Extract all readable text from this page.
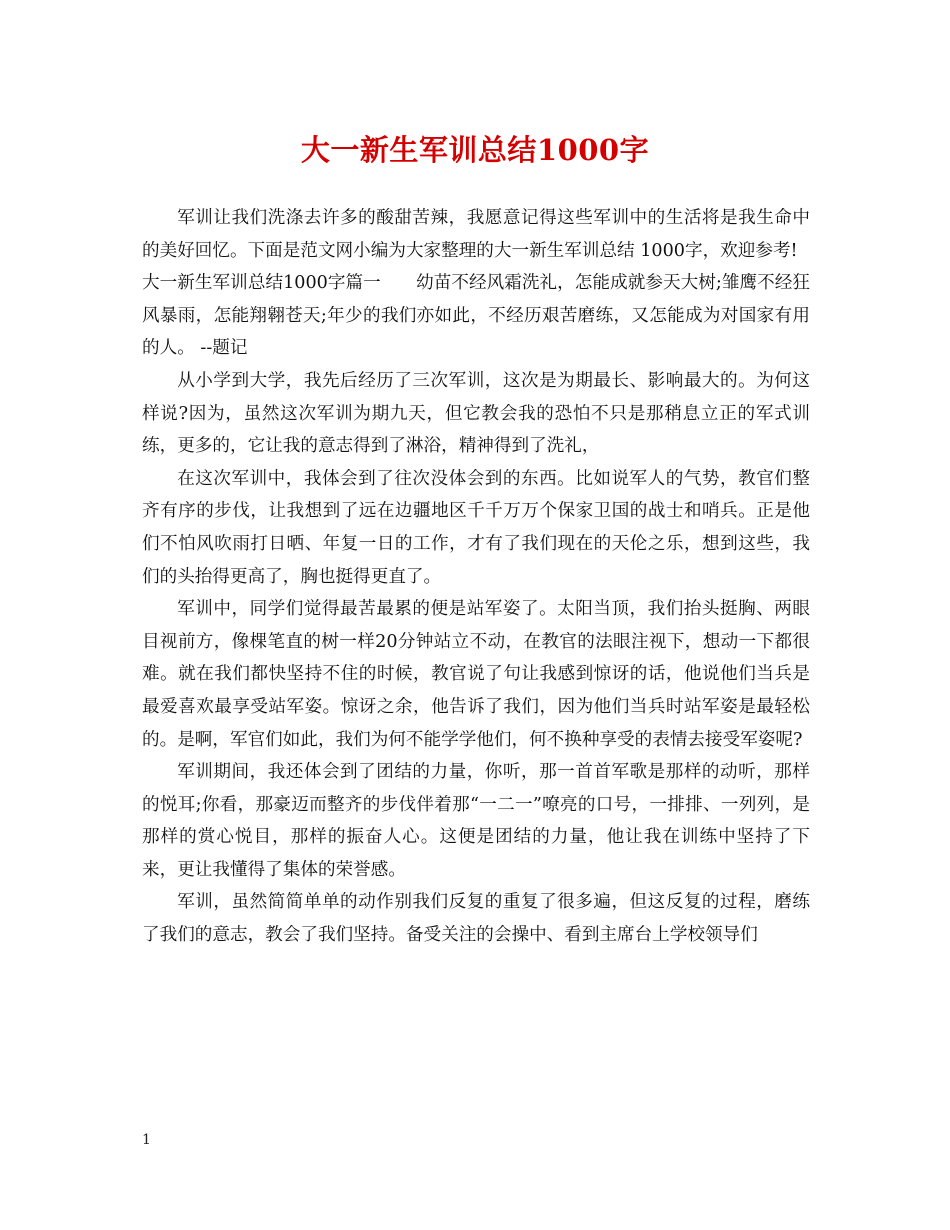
大一新生军训总结1000字

军训让我们洗涤去许多的酸甜苦辣，我愿意记得这些军训中的生活将是我生命中的美好回忆。下面是范文网小编为大家整理的大一新生军训总结 1000字，欢迎参考!

大一新生军训总结1000字篇一　　幼苗不经风霜洗礼，怎能成就参天大树;雏鹰不经狂风暴雨，怎能翔翱苍天;年少的我们亦如此，不经历艰苦磨练，又怎能成为对国家有用的人。 --题记

从小学到大学，我先后经历了三次军训，这次是为期最长、影响最大的。为何这样说?因为，虽然这次军训为期九天，但它教会我的恐怕不只是那稍息立正的军式训练，更多的，它让我的意志得到了淋浴，精神得到了洗礼，

在这次军训中，我体会到了往次没体会到的东西。比如说军人的气势，教官们整齐有序的步伐，让我想到了远在边疆地区千千万万个保家卫国的战士和哨兵。正是他们不怕风吹雨打日晒、年复一日的工作，才有了我们现在的天伦之乐，想到这些，我们的头抬得更高了，胸也挺得更直了。

军训中，同学们觉得最苦最累的便是站军姿了。太阳当顶，我们抬头挺胸、两眼目视前方，像棵笔直的树一样20分钟站立不动，在教官的法眼注视下，想动一下都很难。就在我们都快坚持不住的时候，教官说了句让我感到惊讶的话，他说他们当兵是最爱喜欢最享受站军姿。惊讶之余，他告诉了我们，因为他们当兵时站军姿是最轻松的。是啊，军官们如此，我们为何不能学学他们，何不换种享受的表情去接受军姿呢?

军训期间，我还体会到了团结的力量，你听，那一首首军歌是那样的动听，那样的悦耳;你看，那豪迈而整齐的步伐伴着那“一二一”嘹亮的口号，一排排、一列列，是那样的赏心悦目，那样的振奋人心。这便是团结的力量，他让我在训练中坚持了下来，更让我懂得了集体的荣誉感。

军训，虽然简简单单的动作别我们反复的重复了很多遍，但这反复的过程，磨练了我们的意志，教会了我们坚持。备受关注的会操中、看到主席台上学校领导们

1
